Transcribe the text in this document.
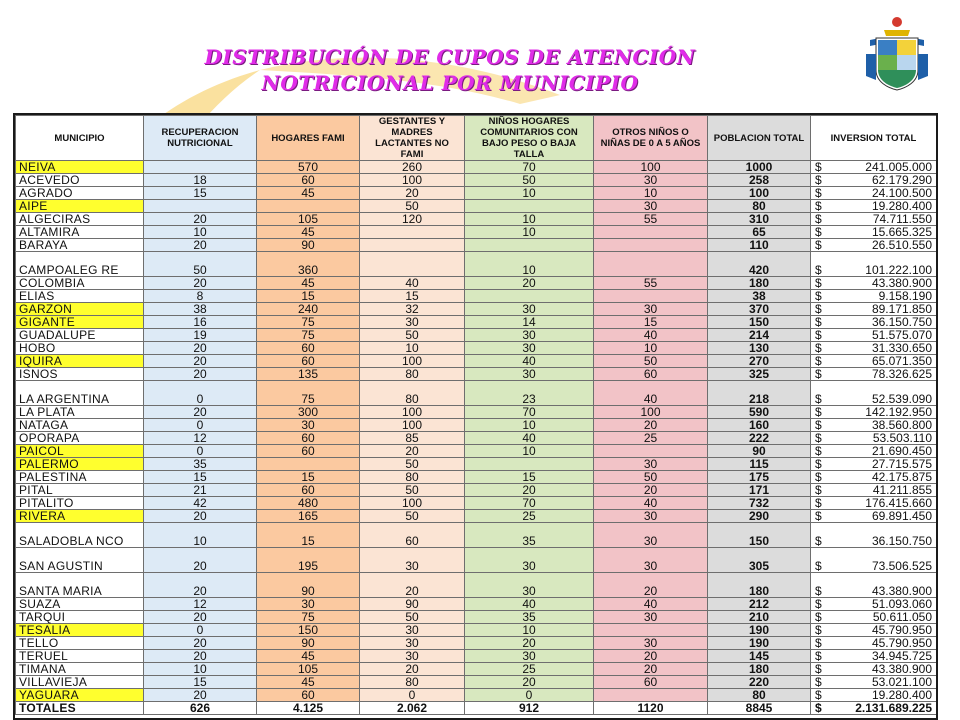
DISTRIBUCIÓN DE CUPOS DE ATENCIÓN
NOTRICIONAL POR MUNICIPIO
MUNICIPIO	RECUPERACION NUTRICIONAL	HOGARES FAMI	GESTANTES Y MADRES LACTANTES NO FAMI	NIÑOS HOGARES COMUNITARIOS CON BAJO PESO O BAJA TALLA	OTROS NIÑOS O NIÑAS DE 0 A 5 AÑOS	POBLACION TOTAL	INVERSION TOTAL
NEIVA		570	260	70	100	1000	$ 241.005.000

ACEVEDO	18	60	100	50	30	258	$ 62.179.290

AGRADO	15	45	20	10	10	100	$ 24.100.500

AIPE			50		30	80	$ 19.280.400

ALGECIRAS	20	105	120	10	55	310	$ 74.711.550

ALTAMIRA	10	45		10		65	$ 15.665.325

BARAYA	20	90				110	$ 26.510.550

CAMPOALEG RE	50	360		10		420	$ 101.222.100

COLOMBIA	20	45	40	20	55	180	$ 43.380.900

ELIAS	8	15	15			38	$ 9.158.190

GARZON	38	240	32	30	30	370	$ 89.171.850

GIGANTE	16	75	30	14	15	150	$ 36.150.750

GUADALUPE	19	75	50	30	40	214	$ 51.575.070

HOBO	20	60	10	30	10	130	$ 31.330.650

IQUIRA	20	60	100	40	50	270	$ 65.071.350

ISNOS	20	135	80	30	60	325	$ 78.326.625

LA ARGENTINA	0	75	80	23	40	218	$ 52.539.090

LA PLATA	20	300	100	70	100	590	$ 142.192.950

NATAGA	0	30	100	10	20	160	$ 38.560.800

OPORAPA	12	60	85	40	25	222	$ 53.503.110

PAICOL	0	60	20	10		90	$ 21.690.450

PALERMO	35		50		30	115	$ 27.715.575

PALESTINA	15	15	80	15	50	175	$ 42.175.875

PITAL	21	60	50	20	20	171	$ 41.211.855

PITALITO	42	480	100	70	40	732	$ 176.415.660

RIVERA	20	165	50	25	30	290	$ 69.891.450

SALADOBLA NCO	10	15	60	35	30	150	$ 36.150.750

SAN AGUSTIN	20	195	30	30	30	305	$ 73.506.525

SANTA MARIA	20	90	20	30	20	180	$ 43.380.900

SUAZA	12	30	90	40	40	212	$ 51.093.060

TARQUI	20	75	50	35	30	210	$ 50.611.050

TESALIA	0	150	30	10		190	$ 45.790.950

TELLO	20	90	30	20	30	190	$ 45.790.950

TERUEL	20	45	30	30	20	145	$ 34.945.725

TIMANA	10	105	20	25	20	180	$ 43.380.900

VILLAVIEJA	15	45	80	20	60	220	$ 53.021.100

YAGUARA	20	60	0	0		80	$ 19.280.400

TOTALES	626	4.125	2.062	912	1120	8845	$ 2.131.689.225
